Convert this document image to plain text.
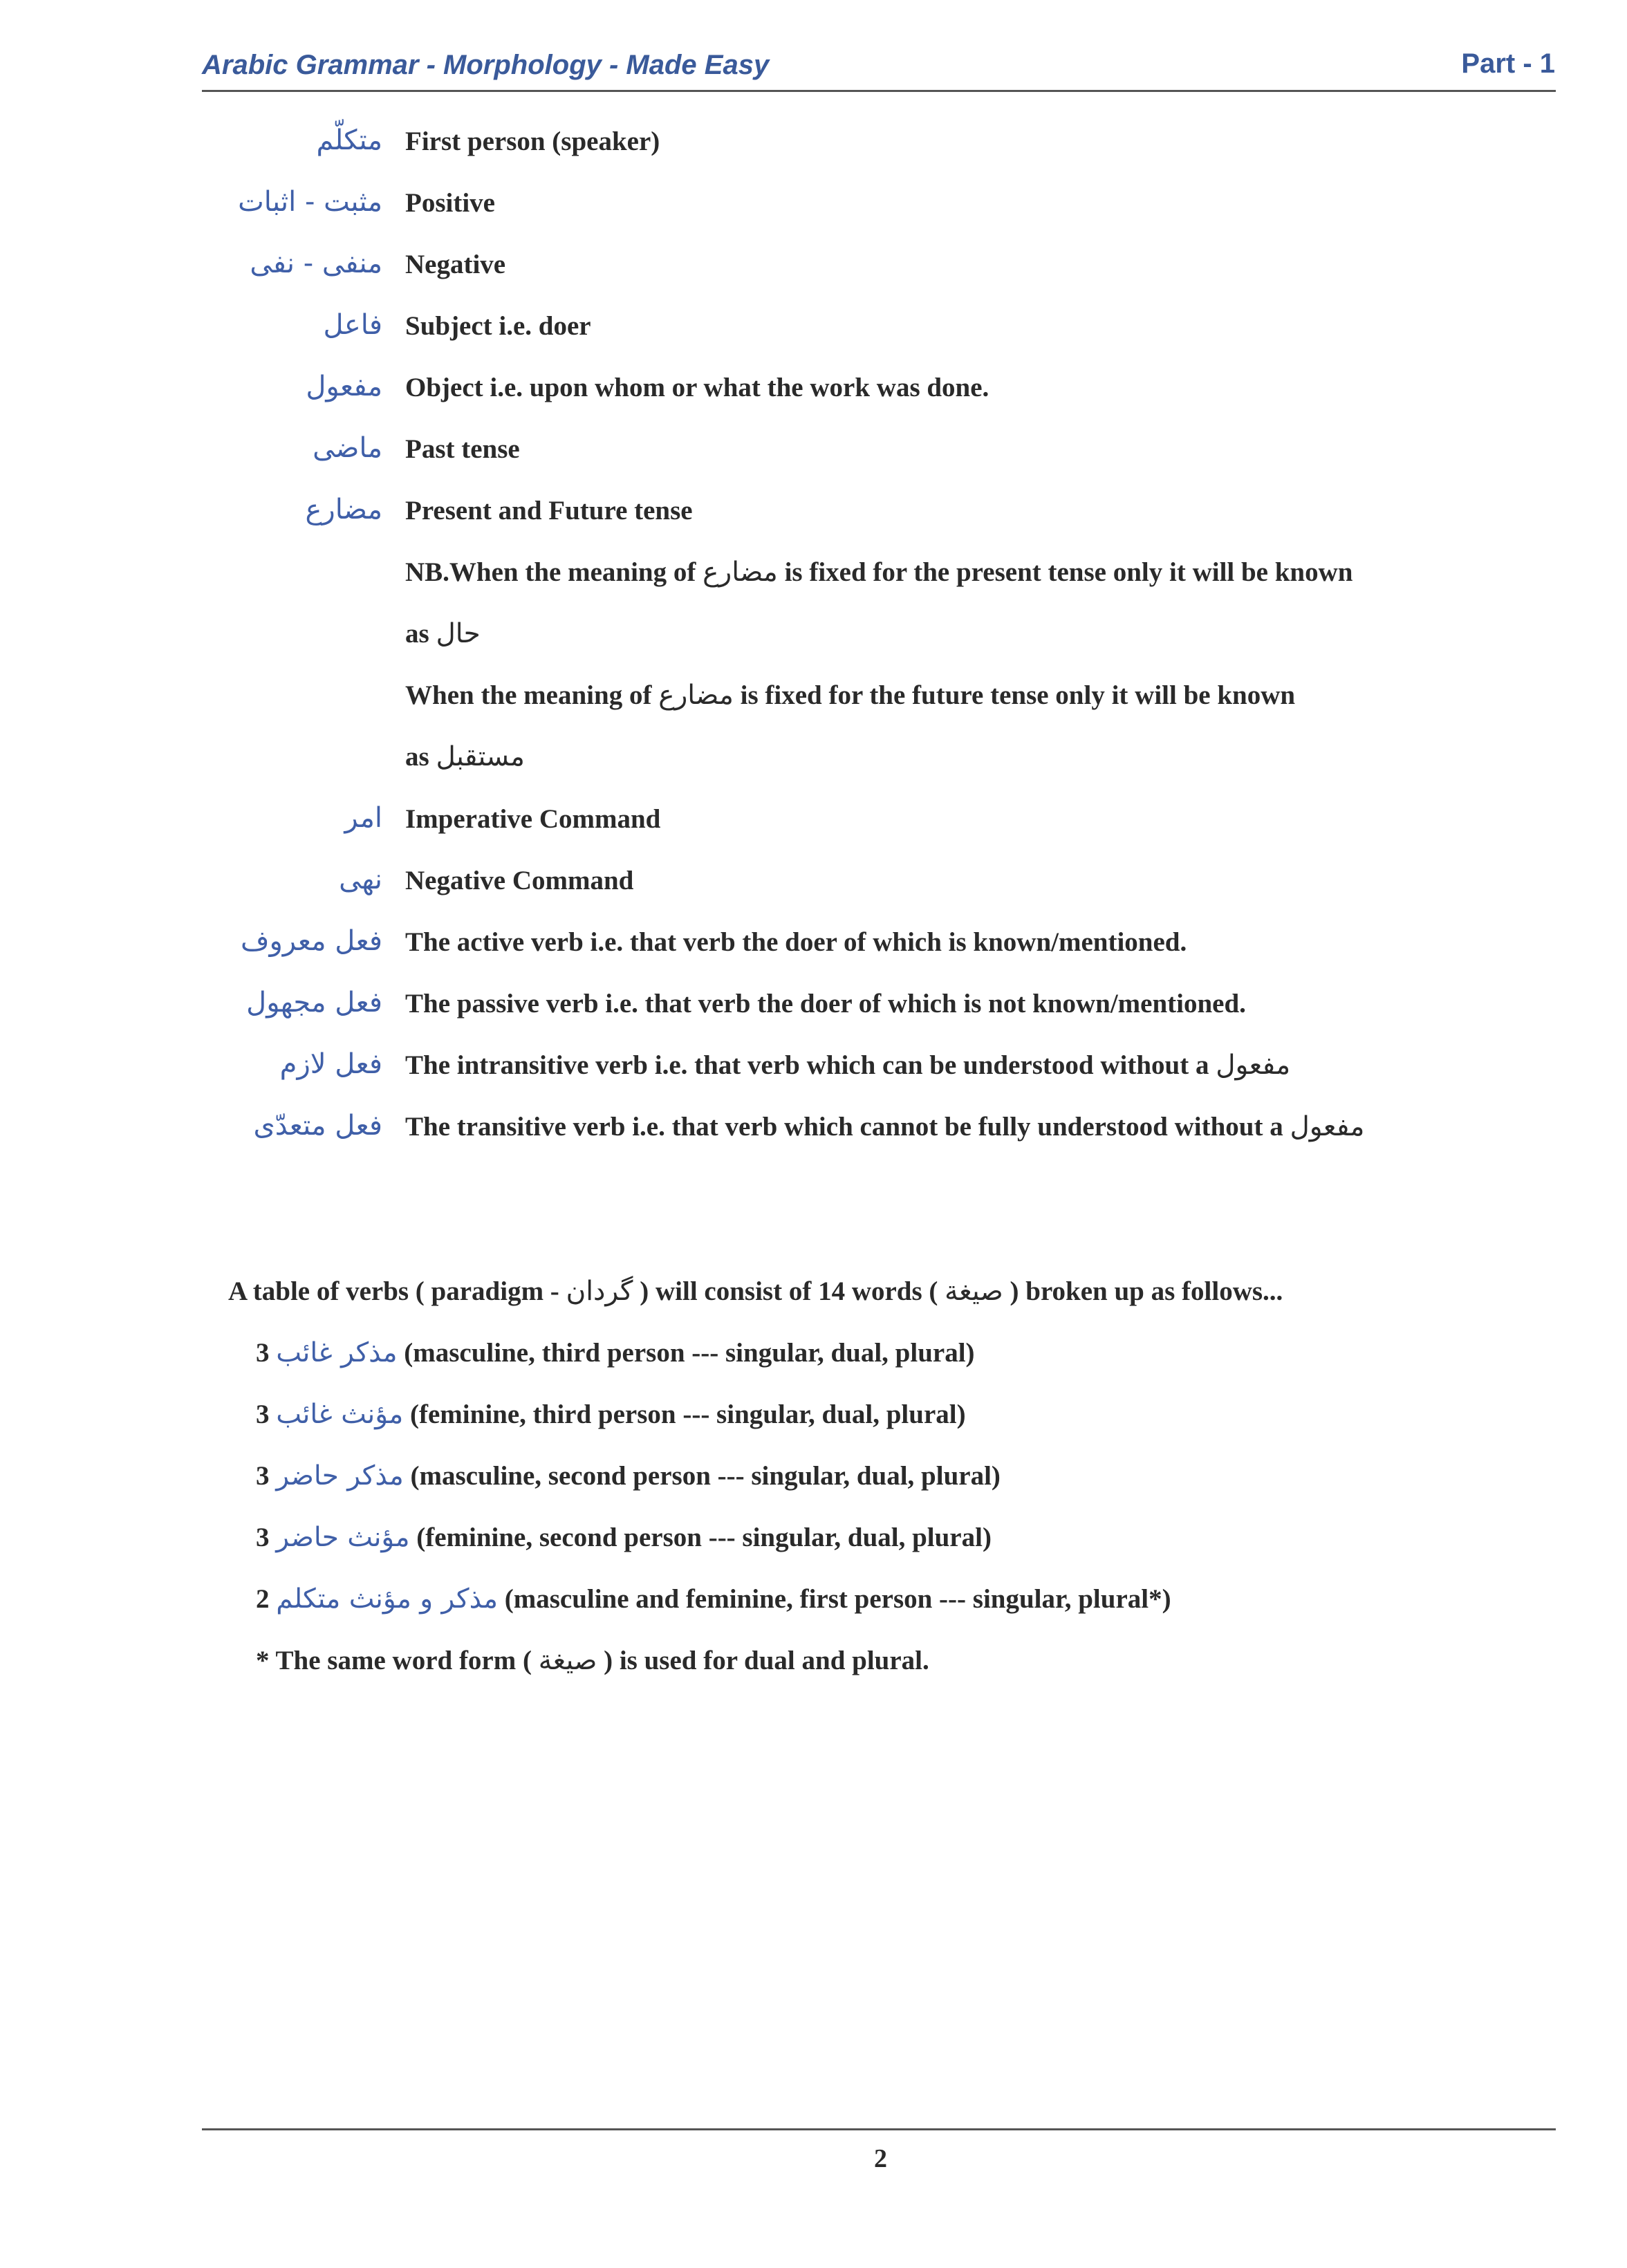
Arabic Grammar - Morphology - Made Easy	Part - 1
متكلّم First person (speaker)
مثبت - اثبات Positive
منفی - نفی Negative
فاعل Subject i.e. doer
مفعول Object i.e. upon whom or what the work was done.
ماضی Past tense
مضارع Present and Future tense
NB.When the meaning of مضارع is fixed for the present tense only it will be known
as حال
When the meaning of مضارع is fixed for the future tense only it will be known
as مستقبل
امر Imperative Command
نهی Negative Command
فعل معروف The active verb i.e. that verb the doer of which is known/mentioned.
فعل مجهول The passive verb i.e. that verb the doer of which is not known/mentioned.
فعل لازم The intransitive verb i.e. that verb which can be understood without a مفعول
فعل متعدّی The transitive verb i.e. that verb which cannot be fully understood without a مفعول
A table of verbs ( paradigm - گردان ) will consist of 14 words ( صیغة ) broken up as follows...
3 مذکر غائب (masculine, third person --- singular, dual, plural)
3 مؤنث غائب (feminine, third person --- singular, dual, plural)
3 مذکر حاضر (masculine, second person --- singular, dual, plural)
3 مؤنث حاضر (feminine, second person --- singular, dual, plural)
2 مذکر و مؤنث متکلم (masculine and feminine, first person --- singular, plural*)
* The same word form ( صیغة ) is used for dual and plural.
2
